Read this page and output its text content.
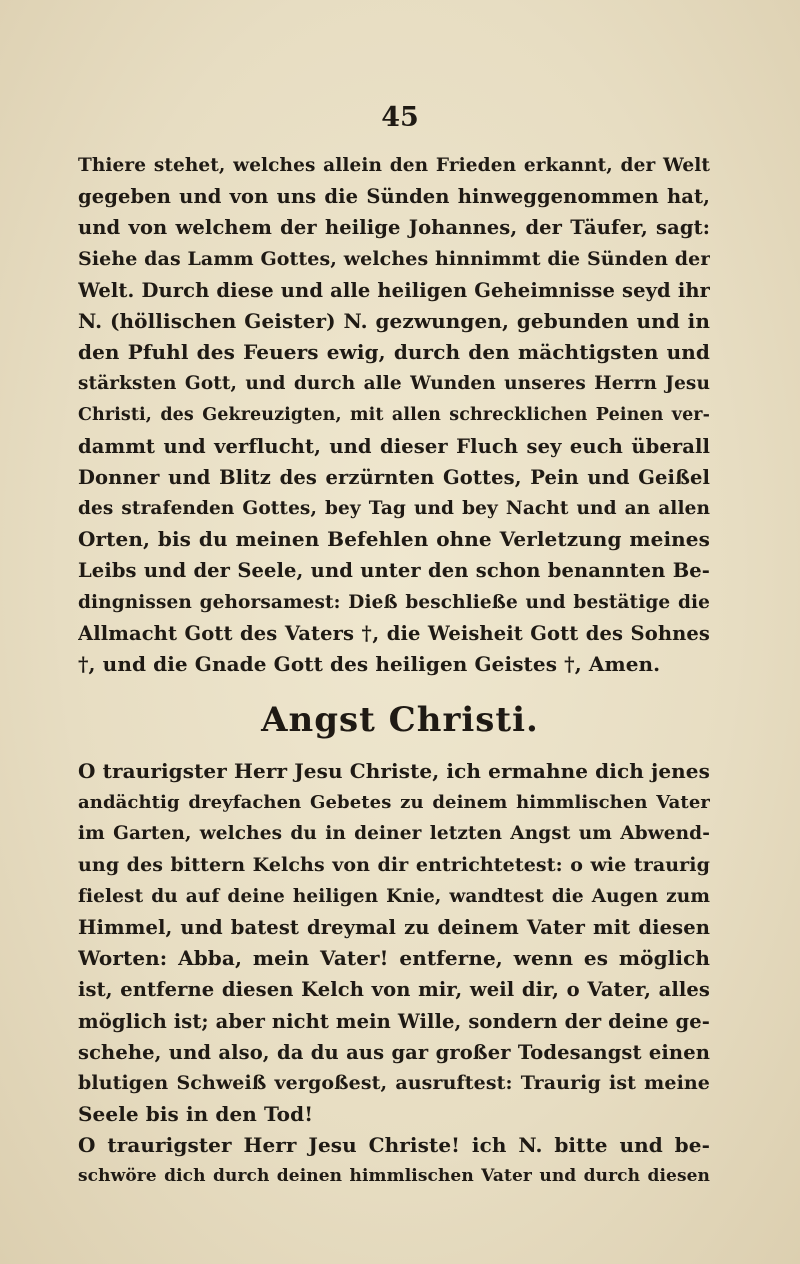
45
Thiere stehet, welches allein den Frieden erkannt, der Welt
gegeben und von uns die Sünden hinweggenommen hat,
und von welchem der heilige Johannes, der Täufer, sagt:
Siehe das Lamm Gottes, welches hinnimmt die Sünden der
Welt. Durch diese und alle heiligen Geheimnisse seyd ihr
N. (höllischen Geister) N. gezwungen, gebunden und in
den Pfuhl des Feuers ewig, durch den mächtigsten und
stärksten Gott, und durch alle Wunden unseres Herrn Jesu
Christi, des Gekreuzigten, mit allen schrecklichen Peinen ver-
dammt und verflucht, und dieser Fluch sey euch überall
Donner und Blitz des erzürnten Gottes, Pein und Geißel
des strafenden Gottes, bey Tag und bey Nacht und an allen
Orten, bis du meinen Befehlen ohne Verletzung meines
Leibs und der Seele, und unter den schon benannten Be-
dingnissen gehorsamest: Dieß beschließe und bestätige die
Allmacht Gott des Vaters †, die Weisheit Gott des Sohnes
†, und die Gnade Gott des heiligen Geistes †, Amen.
Angst Christi.
O traurigster Herr Jesu Christe, ich ermahne dich jenes
andächtig dreyfachen Gebetes zu deinem himmlischen Vater
im Garten, welches du in deiner letzten Angst um Abwend-
ung des bittern Kelchs von dir entrichtetest: o wie traurig
fielest du auf deine heiligen Knie, wandtest die Augen zum
Himmel, und batest dreymal zu deinem Vater mit diesen
Worten: Abba, mein Vater! entferne, wenn es möglich
ist, entferne diesen Kelch von mir, weil dir, o Vater, alles
möglich ist; aber nicht mein Wille, sondern der deine ge-
schehe, und also, da du aus gar großer Todesangst einen
blutigen Schweiß vergoßest, ausruftest: Traurig ist meine
Seele bis in den Tod!
O traurigster Herr Jesu Christe! ich N. bitte und be-
schwöre dich durch deinen himmlischen Vater und durch diesen
